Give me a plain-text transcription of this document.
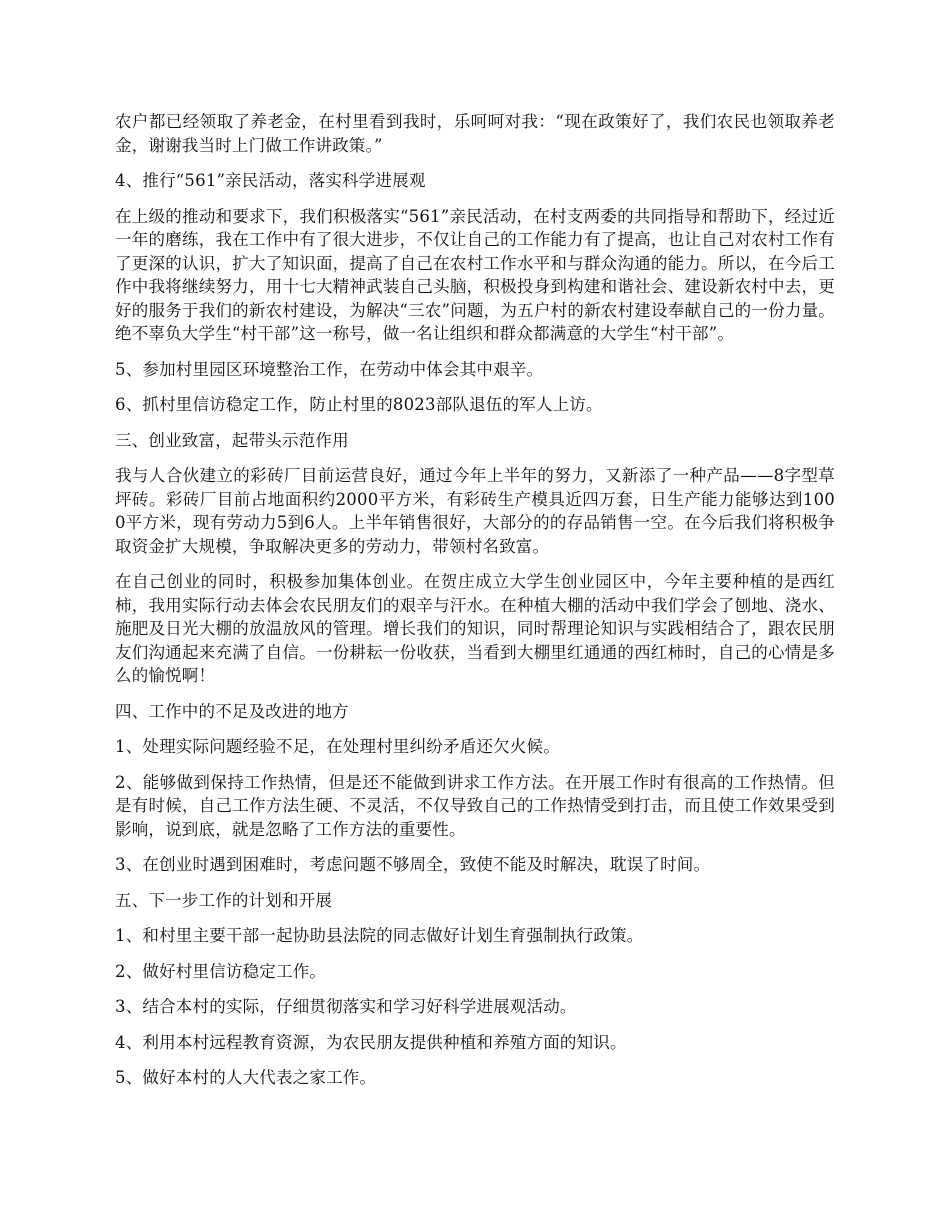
农户都已经领取了养老金，在村里看到我时，乐呵呵对我：“现在政策好了，我们农民也领取养老金，谢谢我当时上门做工作讲政策。”

4、推行“561”亲民活动，落实科学进展观

在上级的推动和要求下，我们积极落实“561”亲民活动，在村支两委的共同指导和帮助下，经过近一年的磨练，我在工作中有了很大进步，不仅让自己的工作能力有了提高，也让自己对农村工作有了更深的认识，扩大了知识面，提高了自己在农村工作水平和与群众沟通的能力。所以，在今后工作中我将继续努力，用十七大精神武装自己头脑，积极投身到构建和谐社会、建设新农村中去，更好的服务于我们的新农村建设，为解决“三农”问题，为五户村的新农村建设奉献自己的一份力量。绝不辜负大学生“村干部”这一称号，做一名让组织和群众都满意的大学生“村干部”。

5、参加村里园区环境整治工作，在劳动中体会其中艰辛。

6、抓村里信访稳定工作，防止村里的8023部队退伍的军人上访。

三、创业致富，起带头示范作用

我与人合伙建立的彩砖厂目前运营良好，通过今年上半年的努力，又新添了一种产品——8字型草坪砖。彩砖厂目前占地面积约2000平方米，有彩砖生产模具近四万套，日生产能力能够达到1000平方米，现有劳动力5到6人。上半年销售很好，大部分的的存品销售一空。在今后我们将积极争取资金扩大规模，争取解决更多的劳动力，带领村名致富。

在自己创业的同时，积极参加集体创业。在贺庄成立大学生创业园区中，今年主要种植的是西红柿，我用实际行动去体会农民朋友们的艰辛与汗水。在种植大棚的活动中我们学会了刨地、浇水、施肥及日光大棚的放温放风的管理。增长我们的知识，同时帮理论知识与实践相结合了，跟农民朋友们沟通起来充满了自信。一份耕耘一份收获，当看到大棚里红通通的西红柿时，自己的心情是多么的愉悦啊！

四、工作中的不足及改进的地方

1、处理实际问题经验不足，在处理村里纠纷矛盾还欠火候。

2、能够做到保持工作热情，但是还不能做到讲求工作方法。在开展工作时有很高的工作热情。但是有时候，自己工作方法生硬、不灵活，不仅导致自己的工作热情受到打击，而且使工作效果受到影响，说到底，就是忽略了工作方法的重要性。

3、在创业时遇到困难时，考虑问题不够周全，致使不能及时解决，耽误了时间。

五、下一步工作的计划和开展

1、和村里主要干部一起协助县法院的同志做好计划生育强制执行政策。

2、做好村里信访稳定工作。

3、结合本村的实际，仔细贯彻落实和学习好科学进展观活动。

4、利用本村远程教育资源，为农民朋友提供种植和养殖方面的知识。

5、做好本村的人大代表之家工作。
